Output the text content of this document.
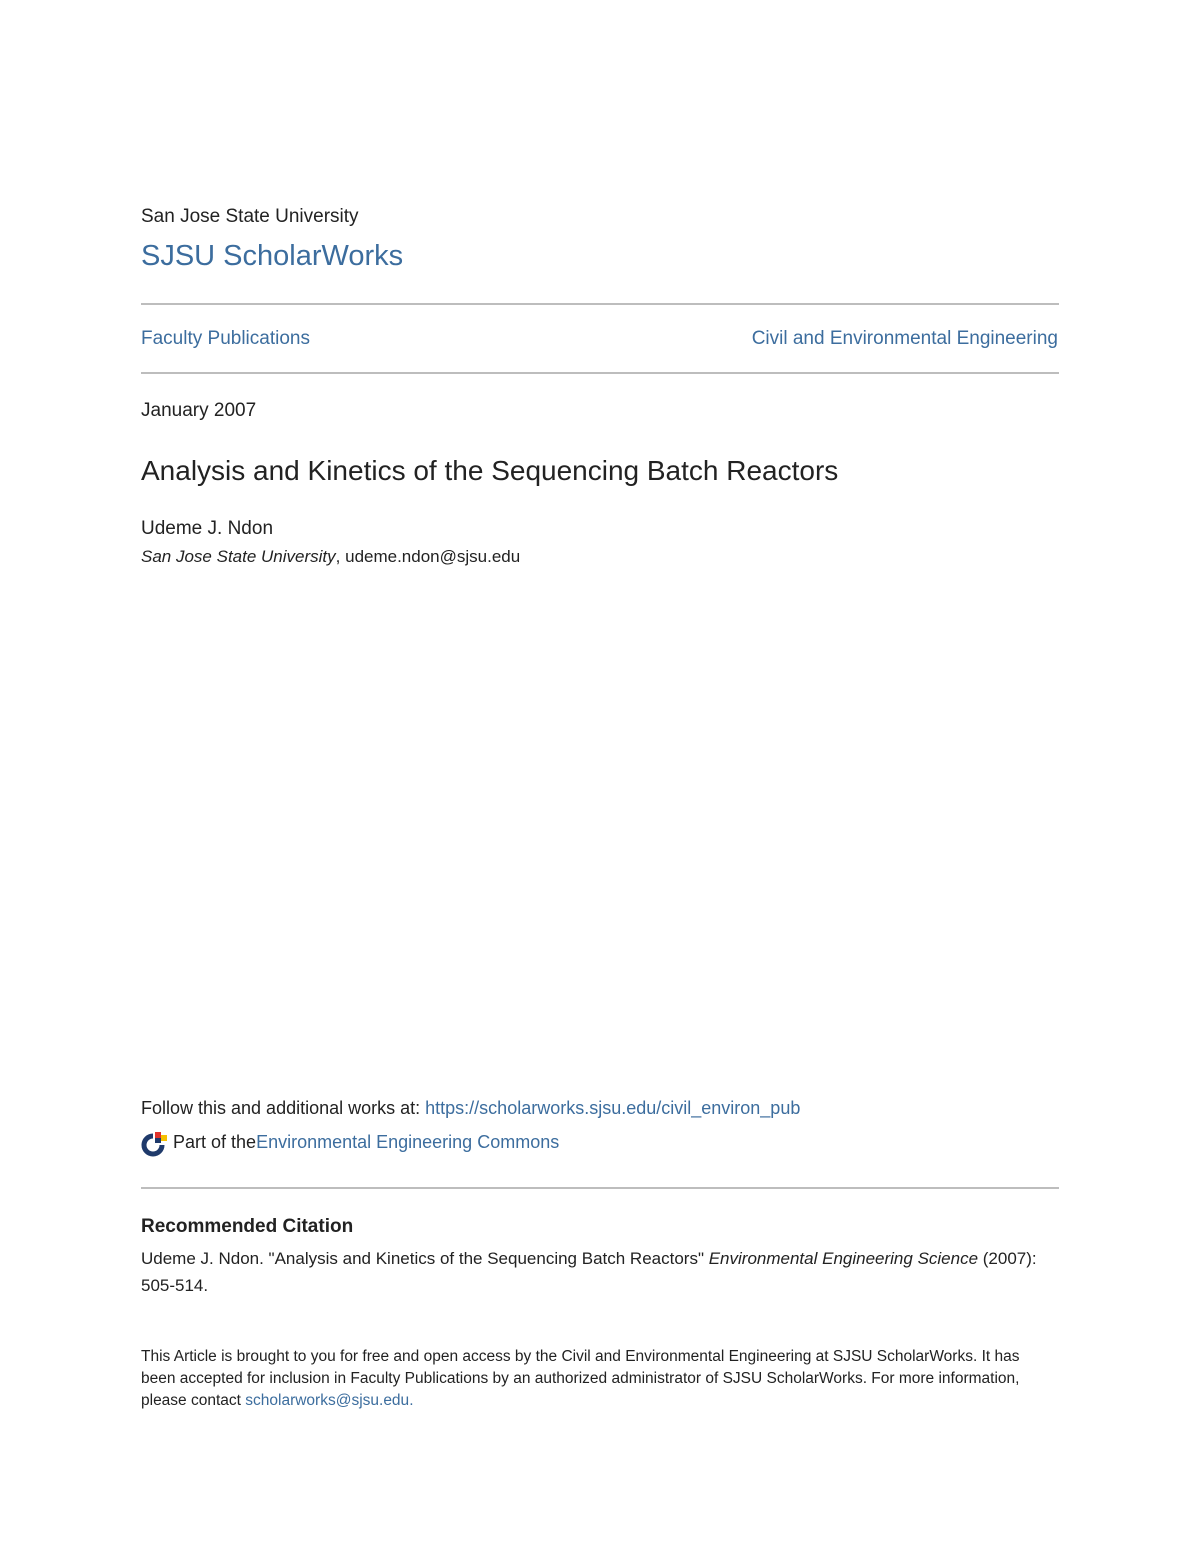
San Jose State University
SJSU ScholarWorks
Faculty Publications	Civil and Environmental Engineering
January 2007
Analysis and Kinetics of the Sequencing Batch Reactors
Udeme J. Ndon
San Jose State University, udeme.ndon@sjsu.edu
Follow this and additional works at: https://scholarworks.sjsu.edu/civil_environ_pub
Part of the Environmental Engineering Commons
Recommended Citation
Udeme J. Ndon. "Analysis and Kinetics of the Sequencing Batch Reactors" Environmental Engineering Science (2007): 505-514.
This Article is brought to you for free and open access by the Civil and Environmental Engineering at SJSU ScholarWorks. It has been accepted for inclusion in Faculty Publications by an authorized administrator of SJSU ScholarWorks. For more information, please contact scholarworks@sjsu.edu.
